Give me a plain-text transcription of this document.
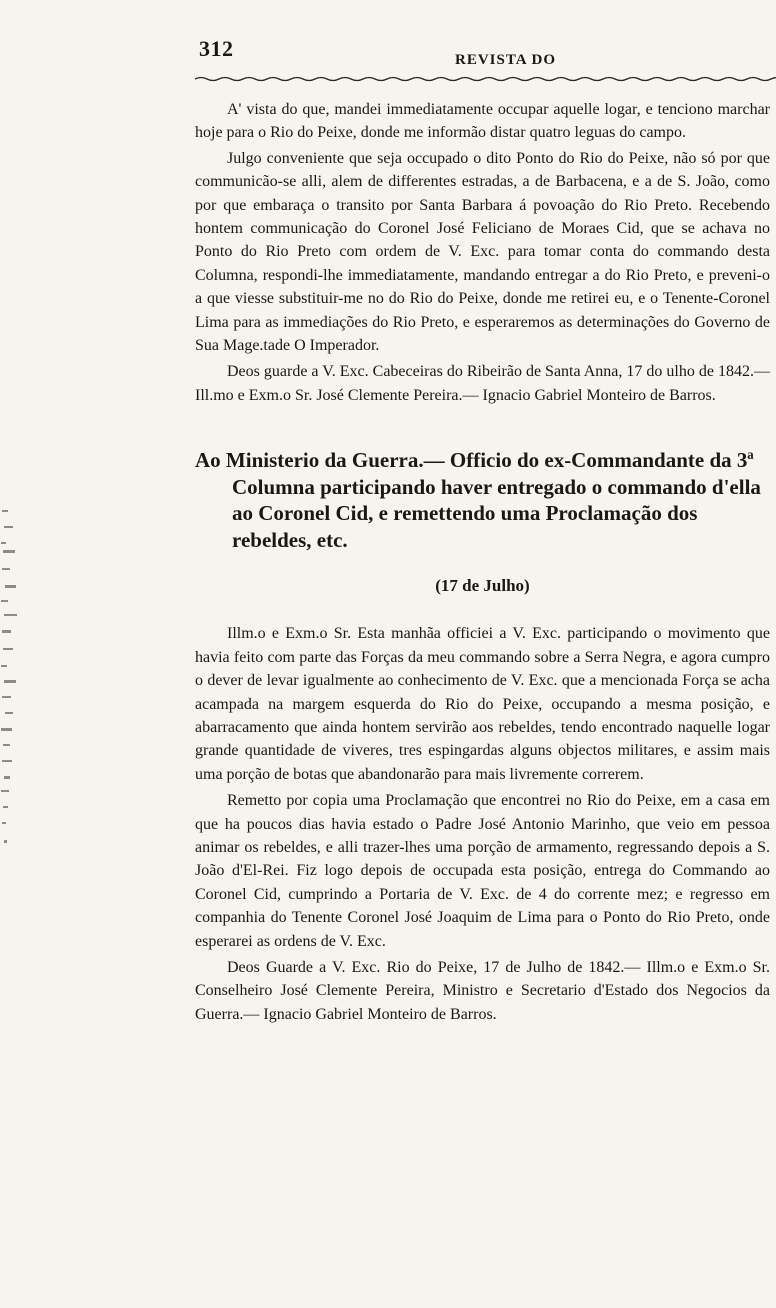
312	REVISTA DO

A' vista do que, mandei immediatamente occupar aquelle logar, e tenciono marchar hoje para o Rio do Peixe, donde me informão distar quatro leguas do campo.

Julgo conveniente que seja occupado o dito Ponto do Rio do Peixe, não só por que communicão-se alli, alem de differentes estradas, a de Barbacena, e a de S. João, como por que embaraça o transito por Santa Barbara á povoação do Rio Preto. Recebendo hontem communicação do Coronel José Feliciano de Moraes Cid, que se achava no Ponto do Rio Preto com ordem de V. Exc. para tomar conta do commando desta Columna, respondi-lhe immediatamente, mandando entregar a do Rio Preto, e preveni-o a que viesse substituir-me no do Rio do Peixe, donde me retirei eu, e o Tenente-Coronel Lima para as immediações do Rio Preto, e esperaremos as determinações do Governo de Sua Mage.tade O Imperador.

Deos guarde a V. Exc. Cabeceiras do Ribeirão de Santa Anna, 17 do ulho de 1842.— Ill.mo e Exm.o Sr. José Clemente Pereira.— Ignacio Gabriel Monteiro de Barros.

Ao Ministerio da Guerra.— Officio do ex-Commandante da 3ª Columna participando haver entregado o commando d'ella ao Coronel Cid, e remettendo uma Proclamação dos rebeldes, etc.
(17 de Julho)

Illm.o e Exm.o Sr. Esta manhãa officiei a V. Exc. participando o movimento que havia feito com parte das Forças da meu commando sobre a Serra Negra, e agora cumpro o dever de levar igualmente ao conhecimento de V. Exc. que a mencionada Força se acha acampada na margem esquerda do Rio do Peixe, occupando a mesma posição, e abarracamento que ainda hontem servirão aos rebeldes, tendo encontrado naquelle logar grande quantidade de viveres, tres espingardas alguns objectos militares, e assim mais uma porção de botas que abandonarão para mais livremente correrem.

Remetto por copia uma Proclamação que encontrei no Rio do Peixe, em a casa em que ha poucos dias havia estado o Padre José Antonio Marinho, que veio em pessoa animar os rebeldes, e alli trazer-lhes uma porção de armamento, regressando depois a S. João d'El-Rei. Fiz logo depois de occupada esta posição, entrega do Commando ao Coronel Cid, cumprindo a Portaria de V. Exc. de 4 do corrente mez; e regresso em companhia do Tenente Coronel José Joaquim de Lima para o Ponto do Rio Preto, onde esperarei as ordens de V. Exc.

Deos Guarde a V. Exc. Rio do Peixe, 17 de Julho de 1842.— Illm.o e Exm.o Sr. Conselheiro José Clemente Pereira, Ministro e Secretario d'Estado dos Negocios da Guerra.— Ignacio Gabriel Monteiro de Barros.
